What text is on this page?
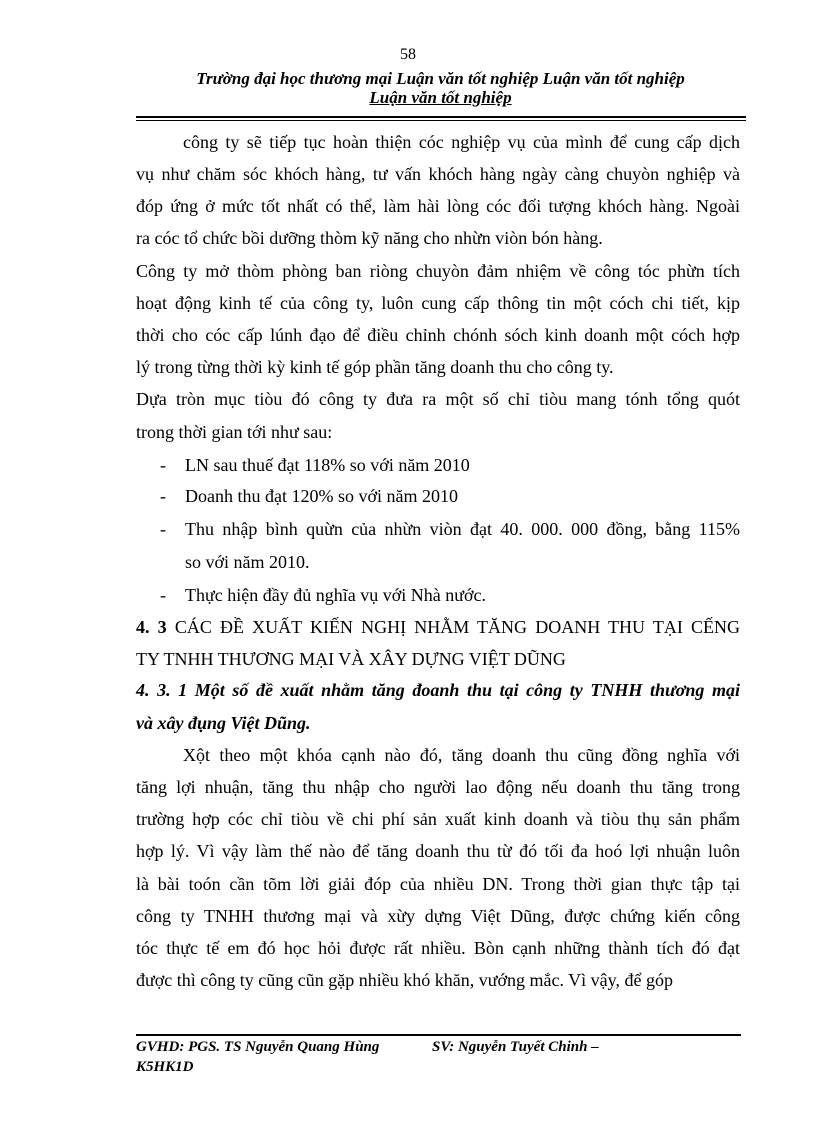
58
Trường đại học thương mại Luận văn tốt nghiệp Luận văn tốt nghiệp
Luận văn tốt nghiệp
công ty sẽ tiếp tục hoàn thiện cóc nghiệp vụ của mình để cung cấp dịch
vụ như chăm sóc khóch hàng, tư vấn khóch hàng ngày càng chuyòn nghiệp và
đóp ứng ở mức tốt nhất có thể, làm hài lòng cóc đối tượng khóch hàng. Ngoài
ra cóc tổ chức bồi dưỡng thòm kỹ năng cho nhừn viòn bón hàng.
Công ty mở thòm phòng ban riòng chuyòn đảm nhiệm về công tóc phừn tích
hoạt động kinh tế của công ty, luôn cung cấp thông tin một cóch chi tiết, kịp
thời cho cóc cấp lúnh đạo để điều chỉnh chónh sóch kinh doanh một cóch hợp
lý trong từng thời kỳ kinh tế góp phần tăng doanh thu cho công ty.
Dựa tròn mục tiòu đó công ty đưa ra một số chỉ tiòu mang tónh tổng quót
trong thời gian tới như sau:
- LN sau thuế đạt 118% so với năm 2010
- Doanh thu đạt 120% so với năm 2010
- Thu nhập bình quừn của nhừn viòn đạt 40. 000. 000 đồng, bằng 115%
so với năm 2010.
- Thực hiện đầy đủ nghĩa vụ với Nhà nước.
4. 3 CÁC ĐỀ XUẤT KIẾN NGHỊ NHẰM TĂNG DOANH THU TẠI CẾNG
TY TNHH THƯƠNG MẠI VÀ XÂY DỰNG VIỆT DŨNG
4. 3. 1 Một số đề xuất nhằm tăng đoanh thu tại công ty TNHH thương mại
và xây đụng Việt Dũng.
Xột theo một khóa cạnh nào đó, tăng doanh thu cũng đồng nghĩa với
tăng lợi nhuận, tăng thu nhập cho người lao động nếu doanh thu tăng trong
trường hợp cóc chỉ tiòu về chi phí sản xuất kinh doanh và tiòu thụ sản phẩm
hợp lý. Vì vậy làm thế nào để tăng doanh thu từ đó tối đa hoó lợi nhuận luôn
là bài toón cần tõm lời giải đóp của nhiều DN. Trong thời gian thực tập tại
công ty TNHH thương mại và xừy dựng Việt Dũng, được chứng kiến công
tóc thực tế em đó học hỏi được rất nhiều. Bòn cạnh những thành tích đó đạt
được thì công ty cũng cũn gặp nhiều khó khăn, vướng mắc. Vì vậy, để góp
GVHD: PGS. TS Nguyễn Quang Hùng	SV: Nguyễn Tuyết Chinh –
K5HK1D
